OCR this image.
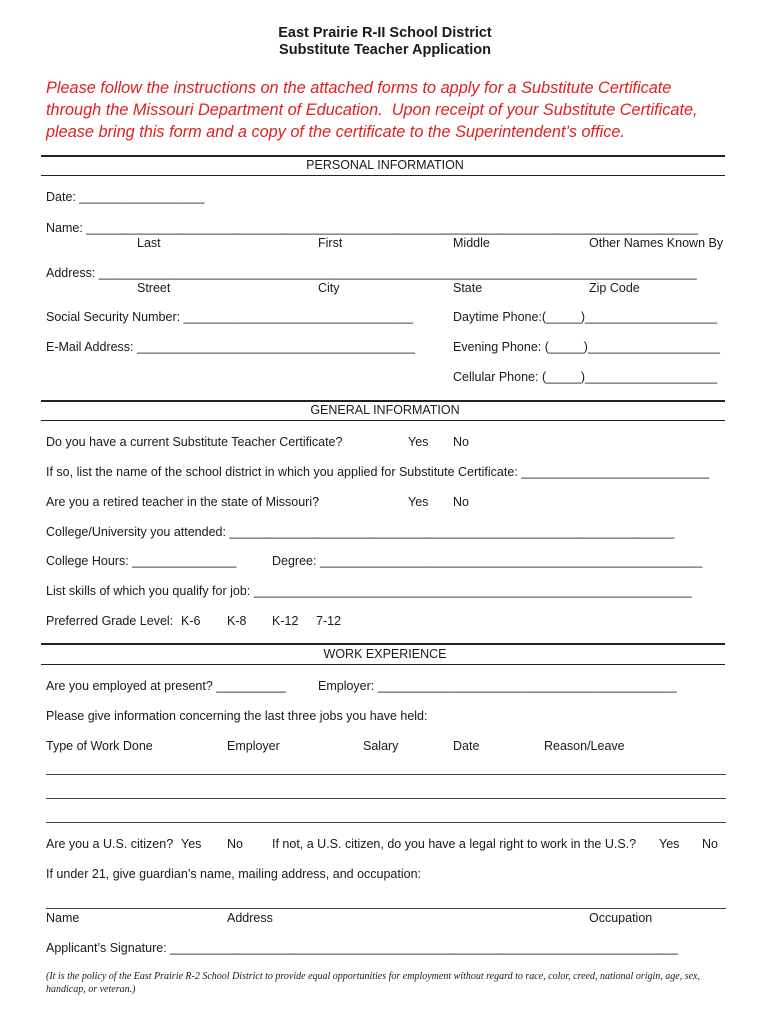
East Prairie R-II School District
Substitute Teacher Application
Please follow the instructions on the attached forms to apply for a Substitute Certificate
through the Missouri Department of Education.  Upon receipt of your Substitute Certificate,
please bring this form and a copy of the certificate to the Superintendent’s office.
PERSONAL INFORMATION
Date: __________________
Name: ________________________________________________________________________________________
Last	First	Middle	Other Names Known By
Address: ______________________________________________________________________________________
Street	City	State	Zip Code
Social Security Number: _________________________________	Daytime Phone:(_____)___________________
E-Mail Address: ________________________________________	Evening Phone: (_____)___________________
Cellular Phone: (_____)___________________
GENERAL INFORMATION
Do you have a current Substitute Teacher Certificate?	Yes No
If so, list the name of the school district in which you applied for Substitute Certificate: ___________________________
Are you a retired teacher in the state of Missouri?	Yes No
College/University you attended: ________________________________________________________________
College Hours: _______________	Degree: _______________________________________________________
List skills of which you qualify for job: _______________________________________________________________
Preferred Grade Level: K-6 K-8 K-12 7-12
WORK EXPERIENCE
Are you employed at present? __________	Employer: ___________________________________________
Please give information concerning the last three jobs you have held:
Type of Work Done	Employer	Salary	Date	Reason/Leave
Are you a U.S. citizen? Yes No If not, a U.S. citizen, do you have a legal right to work in the U.S.? Yes No
If under 21, give guardian’s name, mailing address, and occupation:
Name	Address	Occupation
Applicant’s Signature: _________________________________________________________________________
(It is the policy of the East Prairie R-2 School District to provide equal opportunities for employment without regard to race, color, creed, national origin, age, sex, handicap, or veteran.)
